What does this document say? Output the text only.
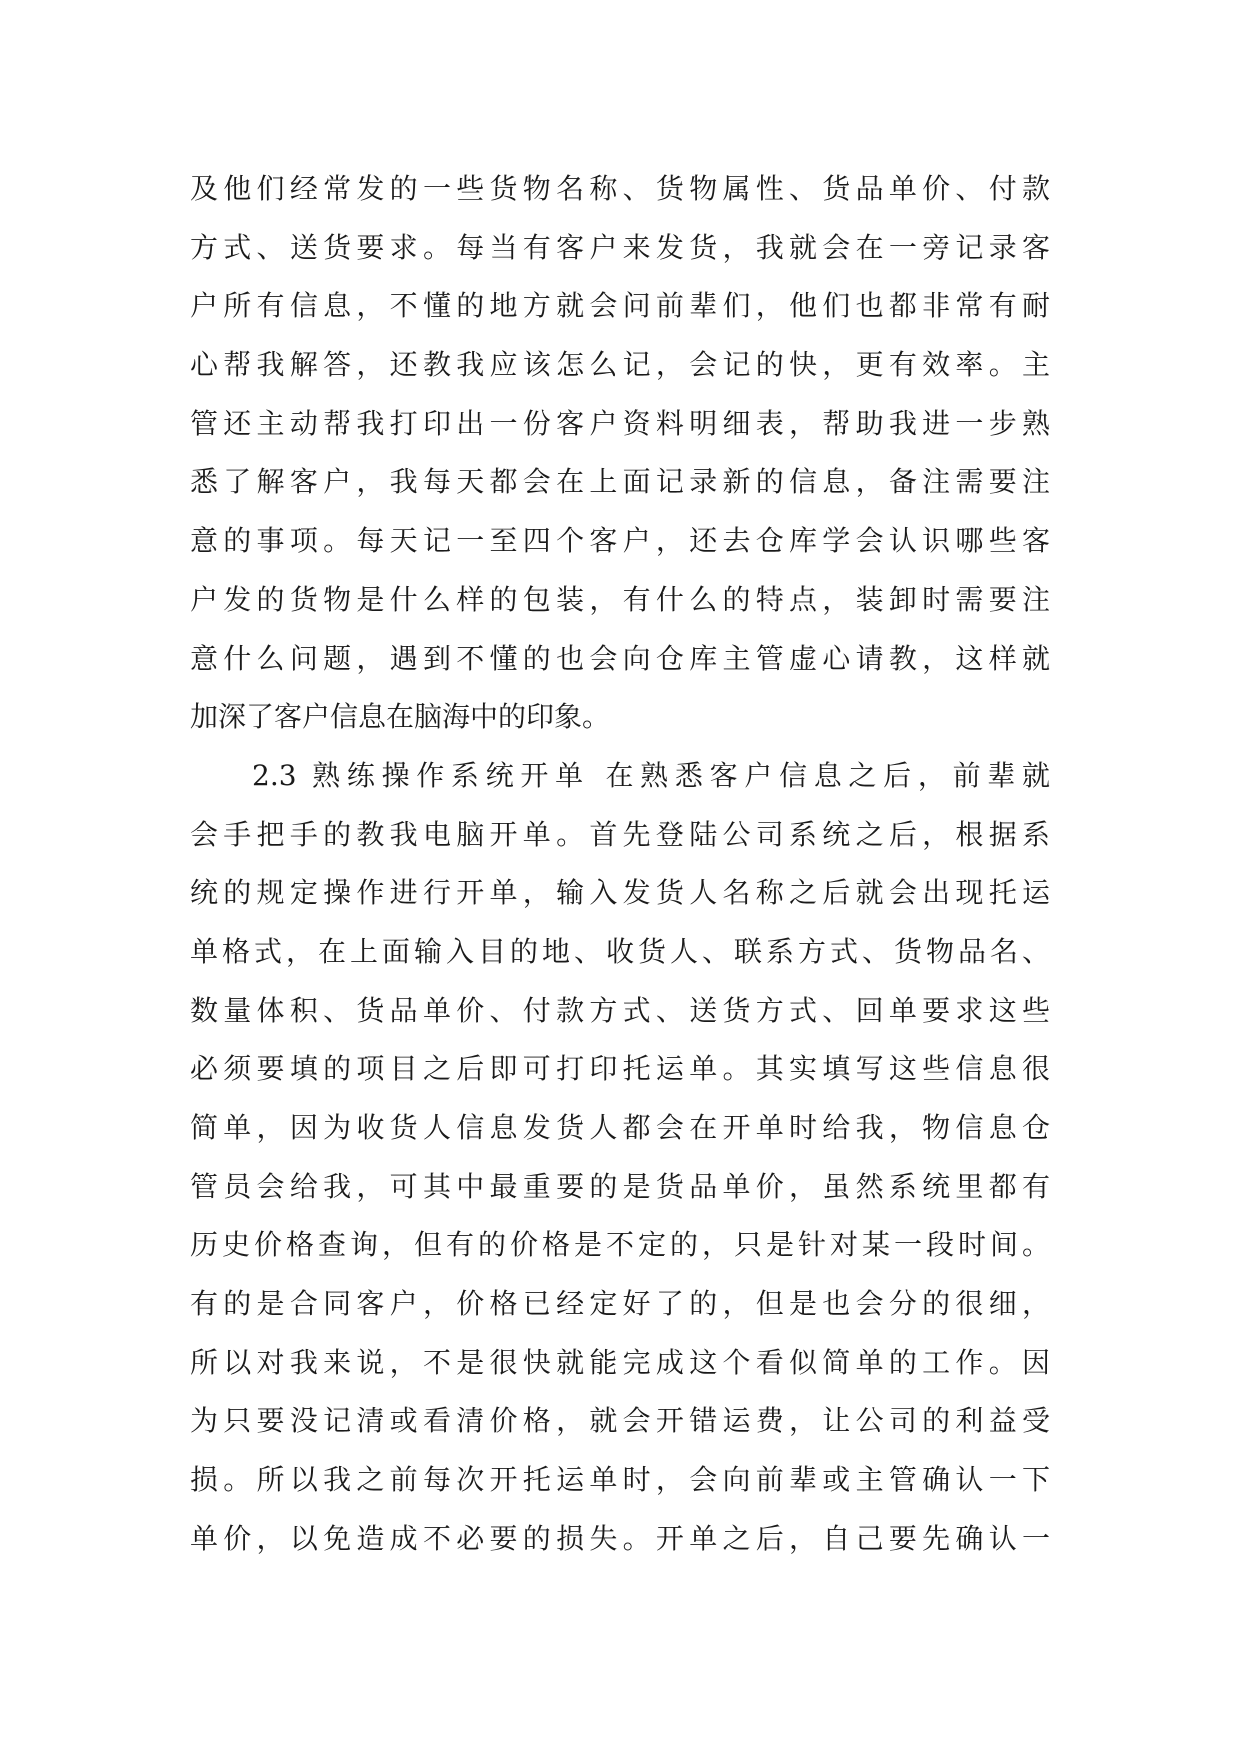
及他们经常发的一些货物名称、货物属性、货品单价、付款
方式、送货要求。每当有客户来发货，我就会在一旁记录客
户所有信息，不懂的地方就会问前辈们，他们也都非常有耐
心帮我解答，还教我应该怎么记，会记的快，更有效率。主
管还主动帮我打印出一份客户资料明细表，帮助我进一步熟
悉了解客户，我每天都会在上面记录新的信息，备注需要注
意的事项。每天记一至四个客户，还去仓库学会认识哪些客
户发的货物是什么样的包装，有什么的特点，装卸时需要注
意什么问题，遇到不懂的也会向仓库主管虚心请教，这样就
加深了客户信息在脑海中的印象。
2.3 熟练操作系统开单 在熟悉客户信息之后，前辈就
会手把手的教我电脑开单。首先登陆公司系统之后，根据系
统的规定操作进行开单，输入发货人名称之后就会出现托运
单格式，在上面输入目的地、收货人、联系方式、货物品名、
数量体积、货品单价、付款方式、送货方式、回单要求这些
必须要填的项目之后即可打印托运单。其实填写这些信息很
简单，因为收货人信息发货人都会在开单时给我，物信息仓
管员会给我，可其中最重要的是货品单价，虽然系统里都有
历史价格查询，但有的价格是不定的，只是针对某一段时间。
有的是合同客户，价格已经定好了的，但是也会分的很细，
所以对我来说，不是很快就能完成这个看似简单的工作。因
为只要没记清或看清价格，就会开错运费，让公司的利益受
损。所以我之前每次开托运单时，会向前辈或主管确认一下
单价，以免造成不必要的损失。开单之后，自己要先确认一
